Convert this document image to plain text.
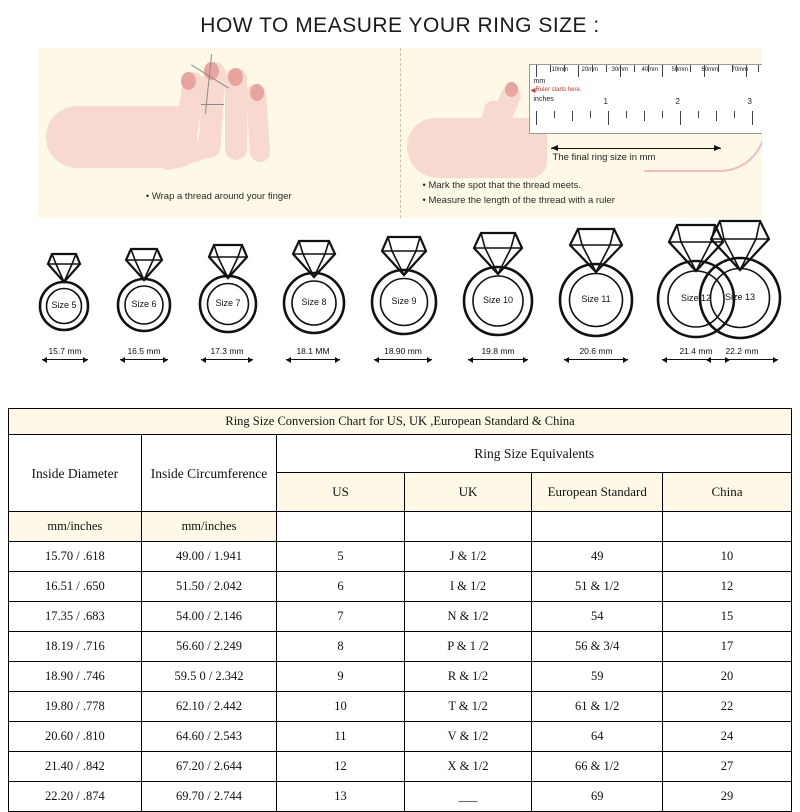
HOW TO MEASURE YOUR RING SIZE :
• Wrap a thread around your finger
10mm 20mm 30mm 40mm 50mm 60mm 70mm
mm
Ruler starts here.
inches	1	2	3
The final ring size in mm
• Mark the spot that the thread meets.
• Measure the length of the thread with a ruler
Size 5	Size 6	Size 7	Size 8	Size 9	Size 10	Size 11	Size 12	Size 13
15.7 mm	16.5 mm	17.3 mm	18.1 MM	18.90 mm	19.8 mm	20.6 mm	21.4 mm	22.2 mm
Ring Size Conversion Chart for US, UK ,European Standard & China					
Inside Diameter	Inside Circumference	Ring Size Equivalents			
		US	UK	European Standard	China
mm/inches	mm/inches				
15.70 / .618	49.00 / 1.941	5	J & 1/2	49	10
16.51 / .650	51.50 / 2.042	6	I & 1/2	51 & 1/2	12
17.35 / .683	54.00 / 2.146	7	N & 1/2	54	15
18.19 / .716	56.60 / 2.249	8	P & 1 /2	56 & 3/4	17
18.90 / .746	59.5 0 / 2.342	9	R & 1/2	59	20
19.80 / .778	62.10 / 2.442	10	T & 1/2	61 & 1/2	22
20.60 / .810	64.60 / 2.543	11	V & 1/2	64	24
21.40 / .842	67.20 / 2.644	12	X & 1/2	66 & 1/2	27
22.20 / .874	69.70 / 2.744	13	___	69	29
